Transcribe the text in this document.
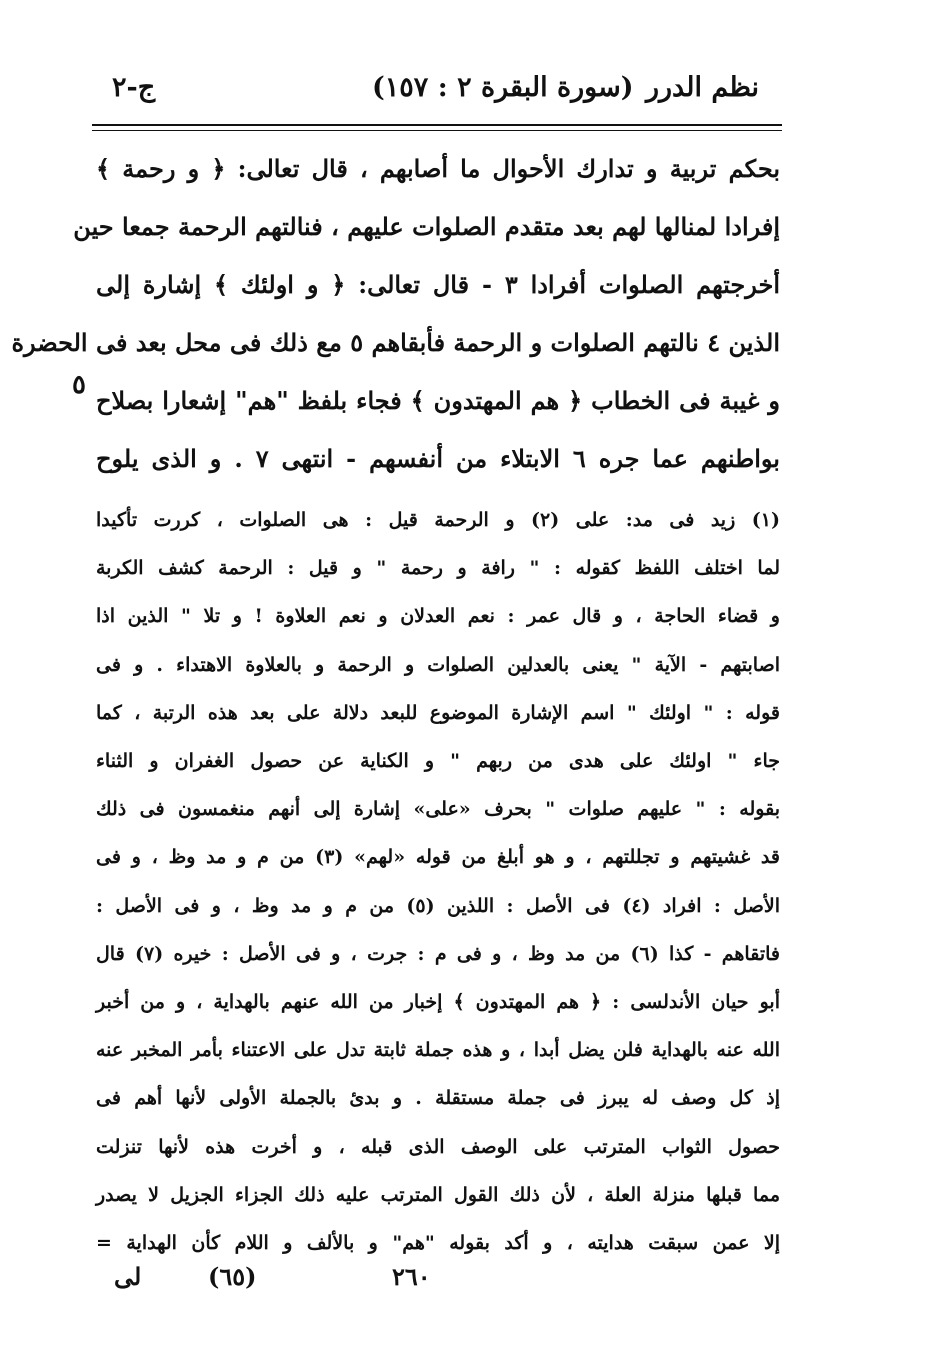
ج-٢	(سورة البقرة ٢ : ١٥٧) نظم الدرر
بحكم تربية و تدارك الأحوال ما أصابهم ، قال تعالى: ﴿ و رحمة ﴾
إفرادا لمنالها لهم بعد متقدم الصلوات عليهم ، فنالتهم الرحمة جمعا حين
أخرجتهم الصلوات أفرادا ٣ - قال تعالى: ﴿ و اولئك ﴾ إشارة إلى
الذين ٤ نالتهم الصلوات و الرحمة فأبقاهم ٥ مع ذلك فى محل بعد فى الحضرة
و غيبة فى الخطاب ﴿ هم المهتدون ﴾ فجاء بلفظ "هم" إشعارا بصلاح
بواطنهم عما جره ٦ الابتلاء من أنفسهم - انتهى ٧ . و الذى يلوح
٥
(١) زيد فى مد: على (٢) و الرحمة قيل : هى الصلوات ، كررت تأكيدا
لما اختلف اللفظ كقوله : " رافة و رحمة " و قيل : الرحمة كشف الكربة
و قضاء الحاجة ، و قال عمر : نعم العدلان و نعم العلاوة ! و تلا " الذين اذا
اصابتهم - الآية " يعنى بالعدلين الصلوات و الرحمة و بالعلاوة الاهتداء . و فى
قوله : " اولئك " اسم الإشارة الموضوع للبعد دلالة على بعد هذه الرتبة ، كما
جاء " اولئك على هدى من ربهم " و الكناية عن حصول الغفران و الثناء
بقوله : " عليهم صلوات " بحرف «على» إشارة إلى أنهم منغمسون فى ذلك
قد غشيتهم و تجللتهم ، و هو أبلغ من قوله «لهم» (٣) من م و مد وظ ، و فى
الأصل : افراد (٤) فى الأصل : اللذين (٥) من م و مد وظ ، و فى الأصل :
فاتقاهم - كذا (٦) من مد وظ ، و فى م : جرت ، و فى الأصل : خيره (٧) قال
أبو حيان الأندلسى : ﴿ هم المهتدون ﴾ إخبار من الله عنهم بالهداية ، و من أخبر
الله عنه بالهداية فلن يضل أبدا ، و هذه جملة ثابتة تدل على الاعتناء بأمر المخبر عنه
إذ كل وصف له يبرز فى جملة مستقلة . و بدئ بالجملة الأولى لأنها أهم فى
حصول الثواب المترتب على الوصف الذى قبله ، و أخرت هذه لأنها تنزلت
مما قبلها منزلة العلة ، لأن ذلك القول المترتب عليه ذلك الجزاء الجزيل لا يصدر
إلا عمن سبقت هدايته ، و أكد بقوله "هم" و بالألف و اللام كأن الهداية =
لى	(٦٥)	٢٦٠
